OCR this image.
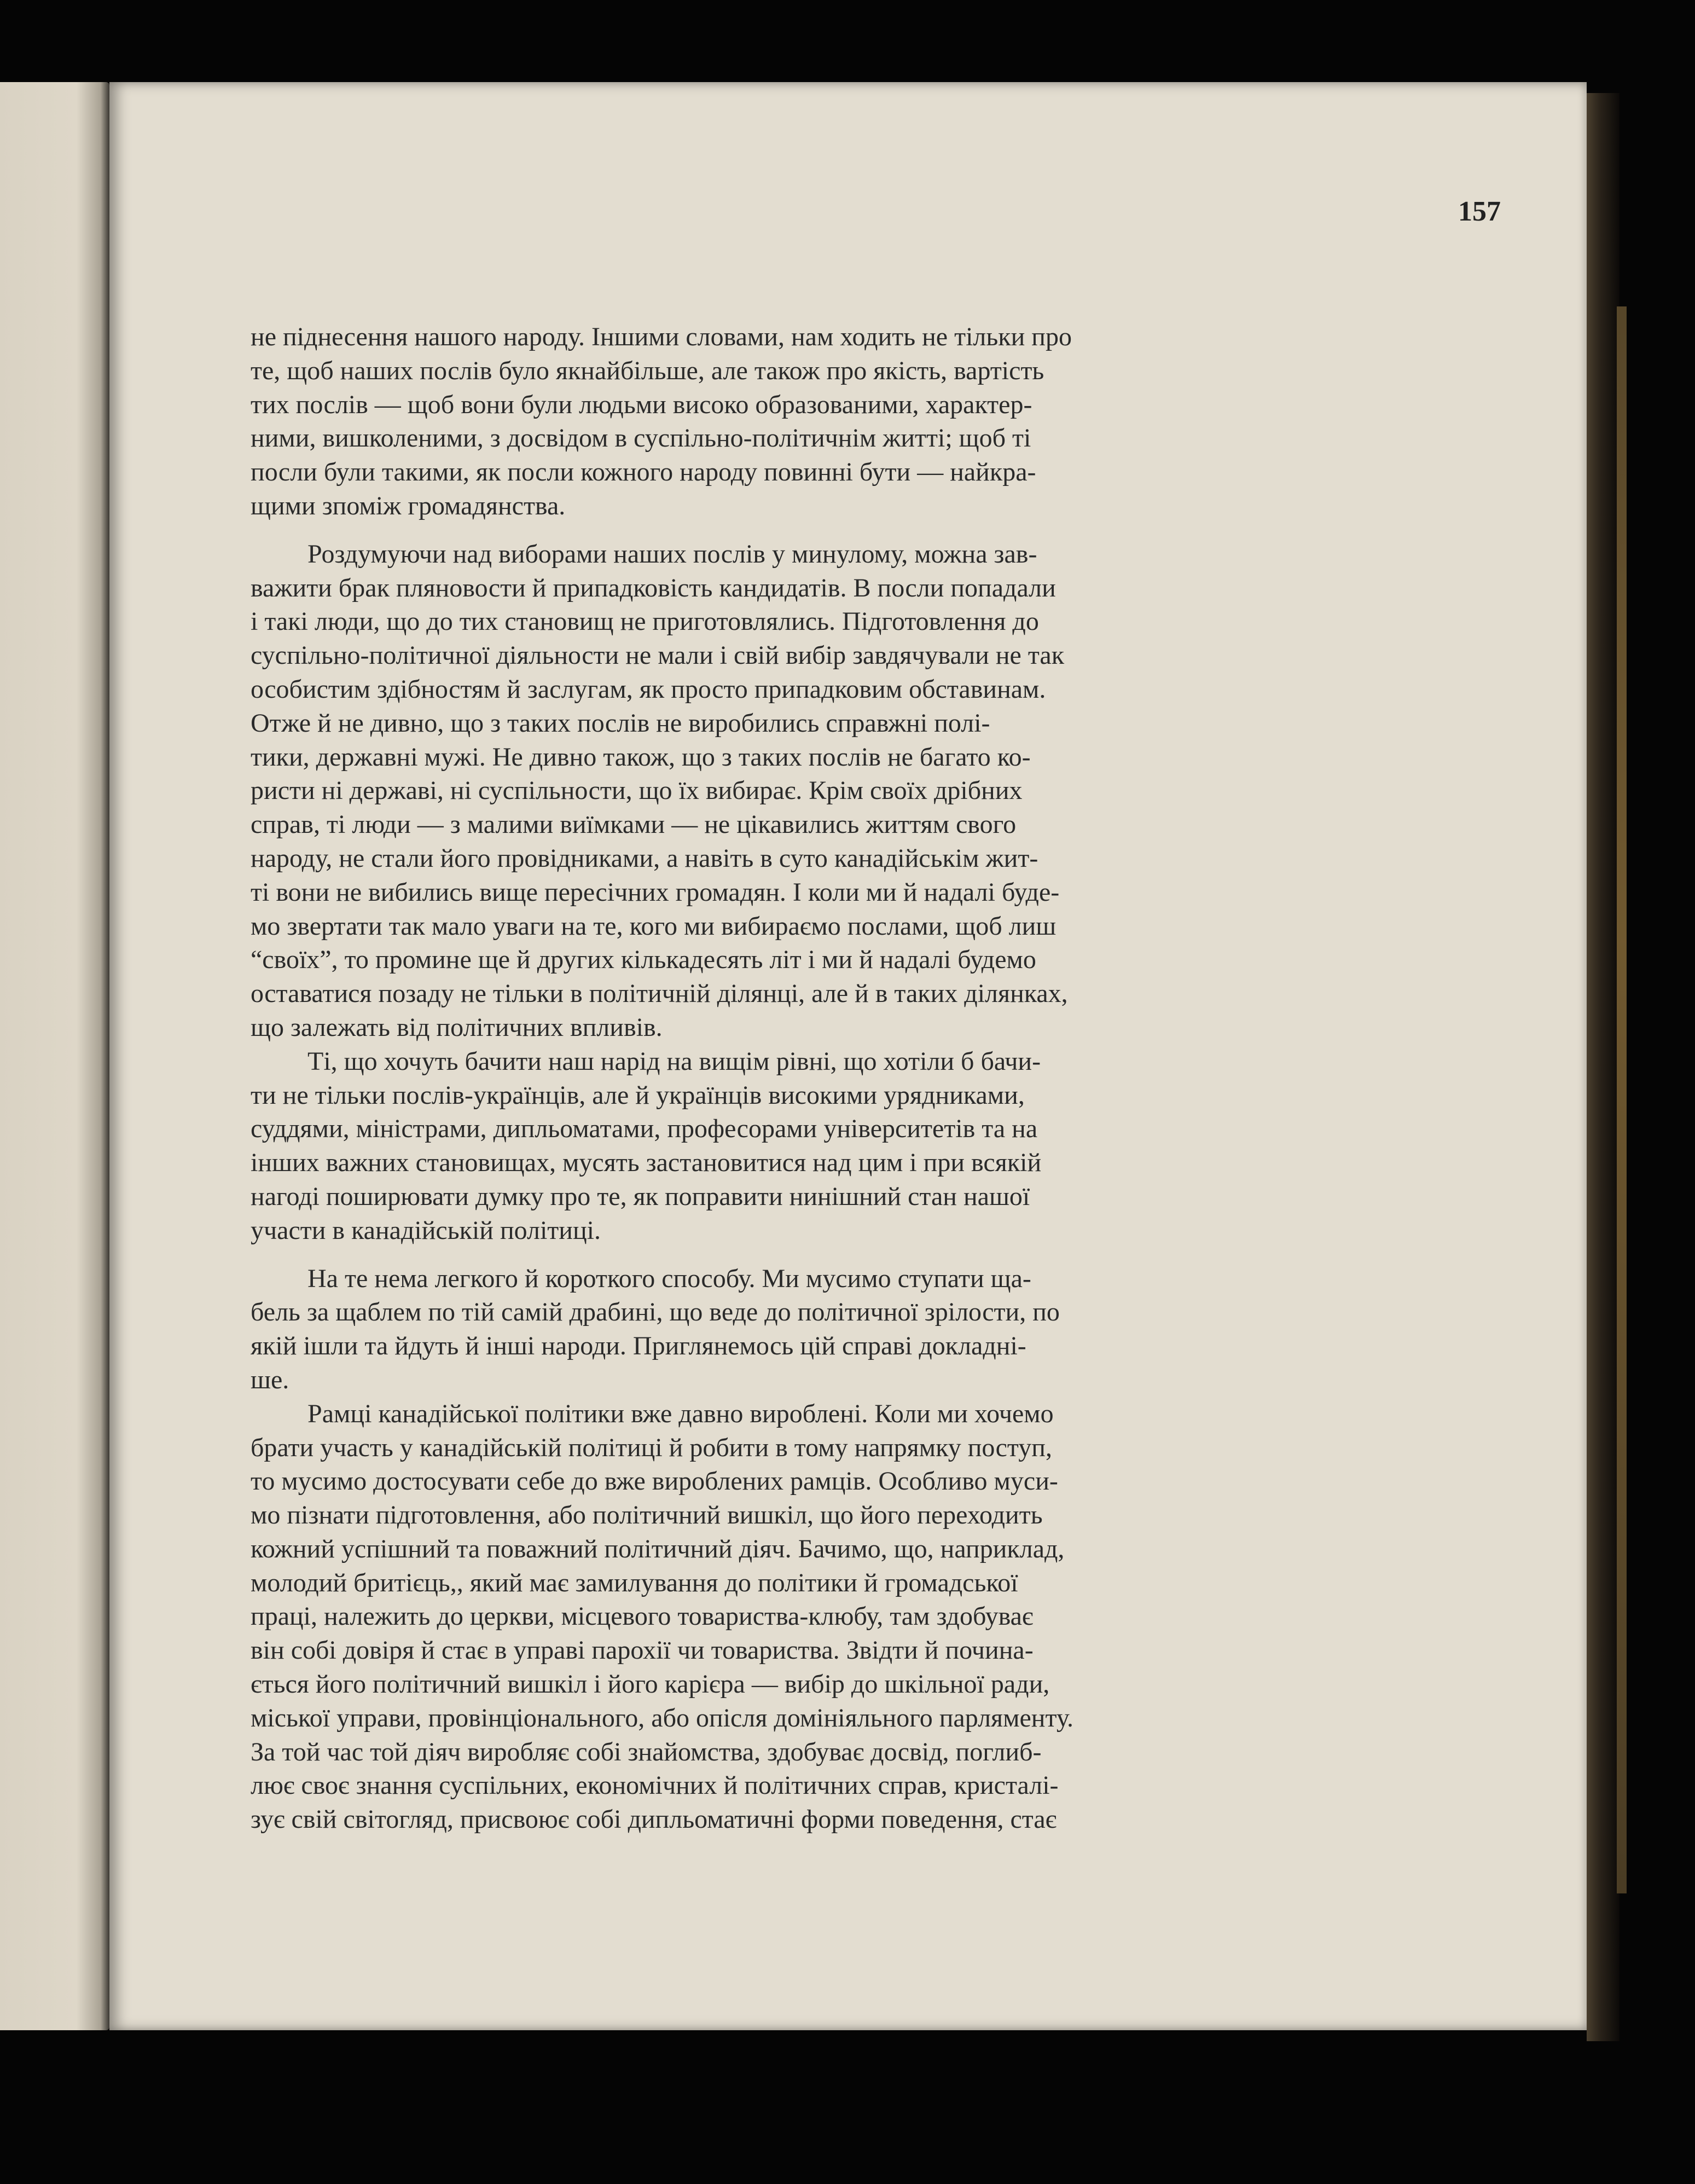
157

не піднесення нашого народу. Іншими словами, нам ходить не тільки про
те, щоб наших послів було якнайбільше, але також про якість, вартість
тих послів — щоб вони були людьми високо образованими, характер-
ними, вишколеними, з досвідом в суспільно-політичнім житті; щоб ті
посли були такими, як посли кожного народу повинні бути — найкра-
щими зпоміж громадянства.

Роздумуючи над виборами наших послів у минулому, можна зав-
важити брак пляновости й припадковість кандидатів. В посли попадали
і такі люди, що до тих становищ не приготовлялись. Підготовлення до
суспільно-політичної діяльности не мали і свій вибір завдячували не так
особистим здібностям й заслугам, як просто припадковим обставинам.
Отже й не дивно, що з таких послів не виробились справжні полі-
тики, державні мужі. Не дивно також, що з таких послів не багато ко-
ристи ні державі, ні суспільности, що їх вибирає. Крім своїх дрібних
справ, ті люди — з малими виїмками — не цікавились життям свого
народу, не стали його провідниками, а навіть в суто канадійськім жит-
ті вони не вибились вище пересічних громадян. І коли ми й надалі буде-
мо звертати так мало уваги на те, кого ми вибираємо послами, щоб лиш
“своїх”, то промине ще й других кількадесять літ і ми й надалі будемо
оставатися позаду не тільки в політичній ділянці, але й в таких ділянках,
що залежать від політичних впливів.

Ті, що хочуть бачити наш нарід на вищім рівні, що хотіли б бачи-
ти не тільки послів-українців, але й українців високими урядниками,
суддями, міністрами, дипльоматами, професорами університетів та на
інших важних становищах, мусять застановитися над цим і при всякій
нагоді поширювати думку про те, як поправити нинішний стан нашої
участи в канадійській політиці.

На те нема легкого й короткого способу. Ми мусимо ступати ща-
бель за щаблем по тій самій драбині, що веде до політичної зрілости, по
якій ішли та йдуть й інші народи. Приглянемось цій справі докладні-
ше.

Рамці канадійської політики вже давно вироблені. Коли ми хочемо
брати участь у канадійській політиці й робити в тому напрямку поступ,
то мусимо достосувати себе до вже вироблених рамців. Особливо муси-
мо пізнати підготовлення, або політичний вишкіл, що його переходить
кожний успішний та поважний політичний діяч. Бачимо, що, наприклад,
молодий бритієць,, який має замилування до політики й громадської
праці, належить до церкви, місцевого товариства-клюбу, там здобуває
він собі довіря й стає в управі парохії чи товариства. Звідти й почина-
ється його політичний вишкіл і його карієра — вибір до шкільної ради,
міської управи, провінціонального, або опісля домініяльного парляменту.
За той час той діяч виробляє собі знайомства, здобуває досвід, поглиб-
лює своє знання суспільних, економічних й політичних справ, кристалі-
зує свій світогляд, присвоює собі дипльоматичні форми поведення, стає
